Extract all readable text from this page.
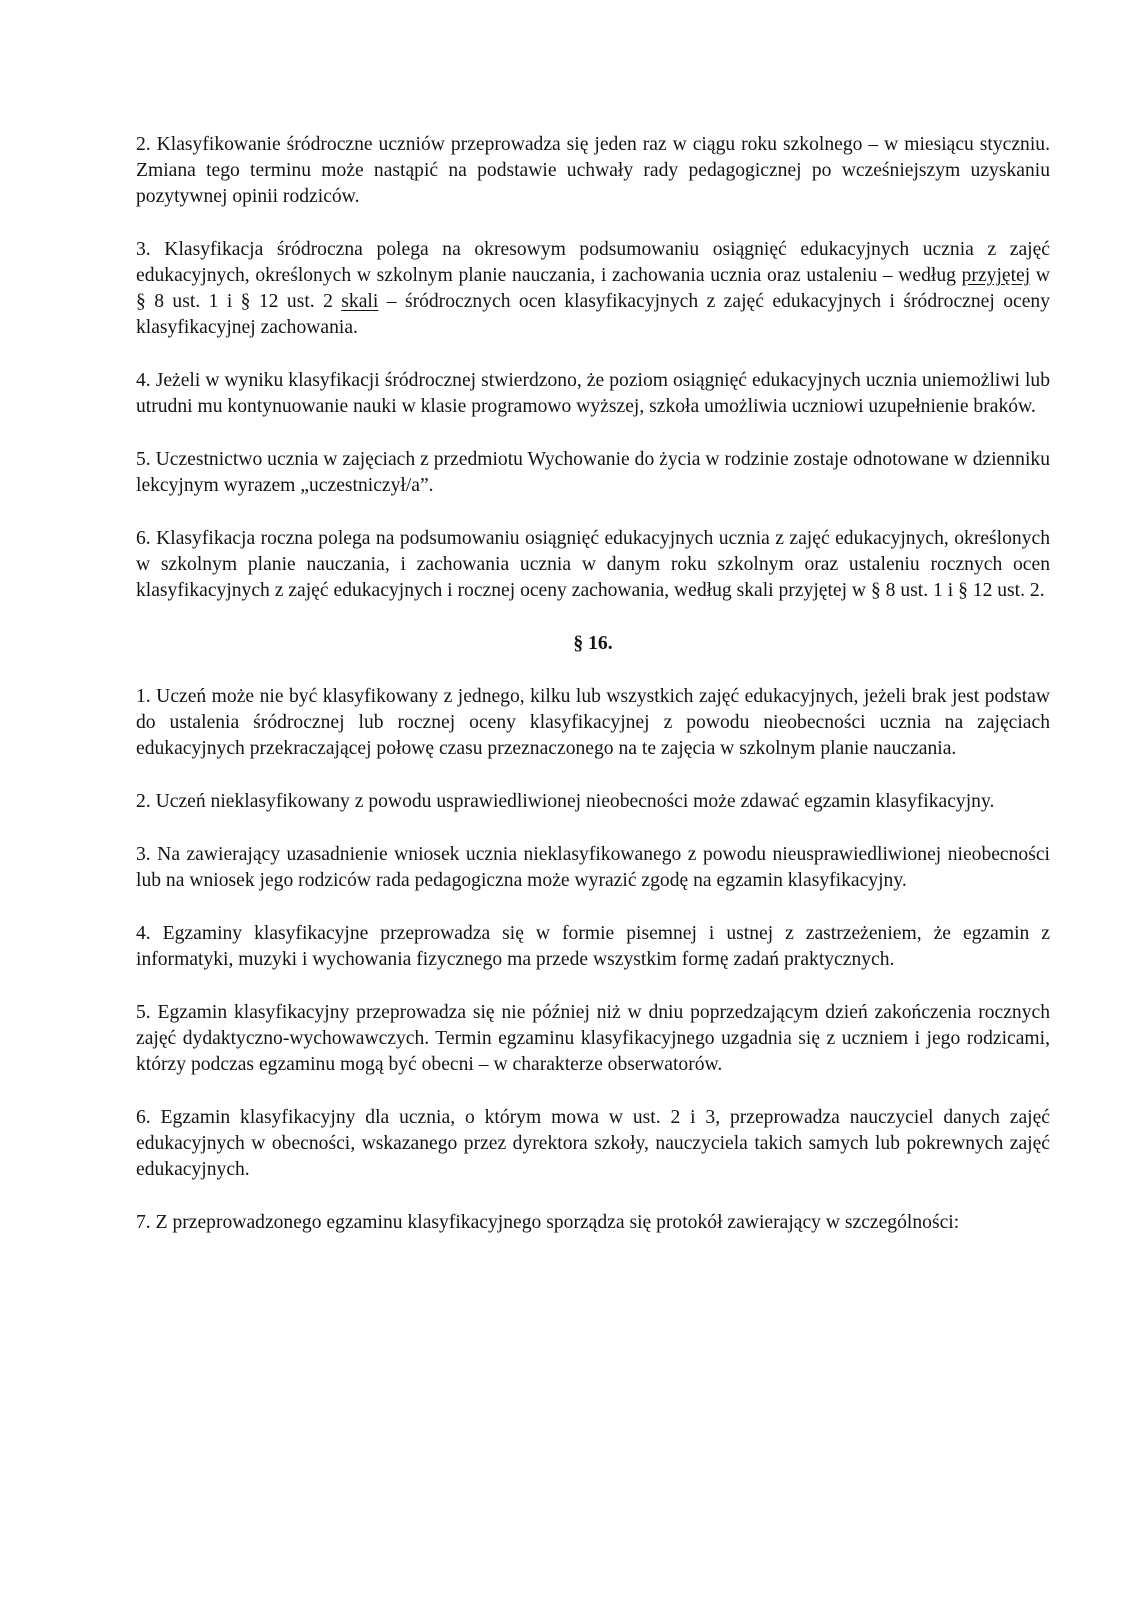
2. Klasyfikowanie śródroczne uczniów przeprowadza się jeden raz w ciągu roku szkolnego – w miesiącu styczniu. Zmiana tego terminu może nastąpić na podstawie uchwały rady pedagogicznej po wcześniejszym uzyskaniu pozytywnej opinii rodziców.

3. Klasyfikacja śródroczna polega na okresowym podsumowaniu osiągnięć edukacyjnych ucznia z zajęć edukacyjnych, określonych w szkolnym planie nauczania, i zachowania ucznia oraz ustaleniu – według przyjętej w § 8 ust. 1 i § 12 ust. 2 skali – śródrocznych ocen klasyfikacyjnych z zajęć edukacyjnych i śródrocznej oceny klasyfikacyjnej zachowania.

4. Jeżeli w wyniku klasyfikacji śródrocznej stwierdzono, że poziom osiągnięć edukacyjnych ucznia uniemożliwi lub utrudni mu kontynuowanie nauki w klasie programowo wyższej, szkoła umożliwia uczniowi uzupełnienie braków.

5. Uczestnictwo ucznia w zajęciach z przedmiotu Wychowanie do życia w rodzinie zostaje odnotowane w dzienniku lekcyjnym wyrazem „uczestniczył/a”.

6. Klasyfikacja roczna polega na podsumowaniu osiągnięć edukacyjnych ucznia z zajęć edukacyjnych, określonych w szkolnym planie nauczania, i zachowania ucznia w danym roku szkolnym oraz ustaleniu rocznych ocen klasyfikacyjnych z zajęć edukacyjnych i rocznej oceny zachowania, według skali przyjętej w § 8 ust. 1 i § 12 ust. 2.

§ 16.

1. Uczeń może nie być klasyfikowany z jednego, kilku lub wszystkich zajęć edukacyjnych, jeżeli brak jest podstaw do ustalenia śródrocznej lub rocznej oceny klasyfikacyjnej z powodu nieobecności ucznia na zajęciach edukacyjnych przekraczającej połowę czasu przeznaczonego na te zajęcia w szkolnym planie nauczania.

2. Uczeń nieklasyfikowany z powodu usprawiedliwionej nieobecności może zdawać egzamin klasyfikacyjny.

3. Na zawierający uzasadnienie wniosek ucznia nieklasyfikowanego z powodu nieusprawiedliwionej nieobecności lub na wniosek jego rodziców rada pedagogiczna może wyrazić zgodę na egzamin klasyfikacyjny.

4. Egzaminy klasyfikacyjne przeprowadza się w formie pisemnej i ustnej z zastrzeżeniem, że egzamin z informatyki, muzyki i wychowania fizycznego ma przede wszystkim formę zadań praktycznych.

5. Egzamin klasyfikacyjny przeprowadza się nie później niż w dniu poprzedzającym dzień zakończenia rocznych zajęć dydaktyczno-wychowawczych. Termin egzaminu klasyfikacyjnego uzgadnia się z uczniem i jego rodzicami, którzy podczas egzaminu mogą być obecni – w charakterze obserwatorów.

6. Egzamin klasyfikacyjny dla ucznia, o którym mowa w ust. 2 i 3, przeprowadza nauczyciel danych zajęć edukacyjnych w obecności, wskazanego przez dyrektora szkoły, nauczyciela takich samych lub pokrewnych zajęć edukacyjnych.

7. Z przeprowadzonego egzaminu klasyfikacyjnego sporządza się protokół zawierający w szczególności:
